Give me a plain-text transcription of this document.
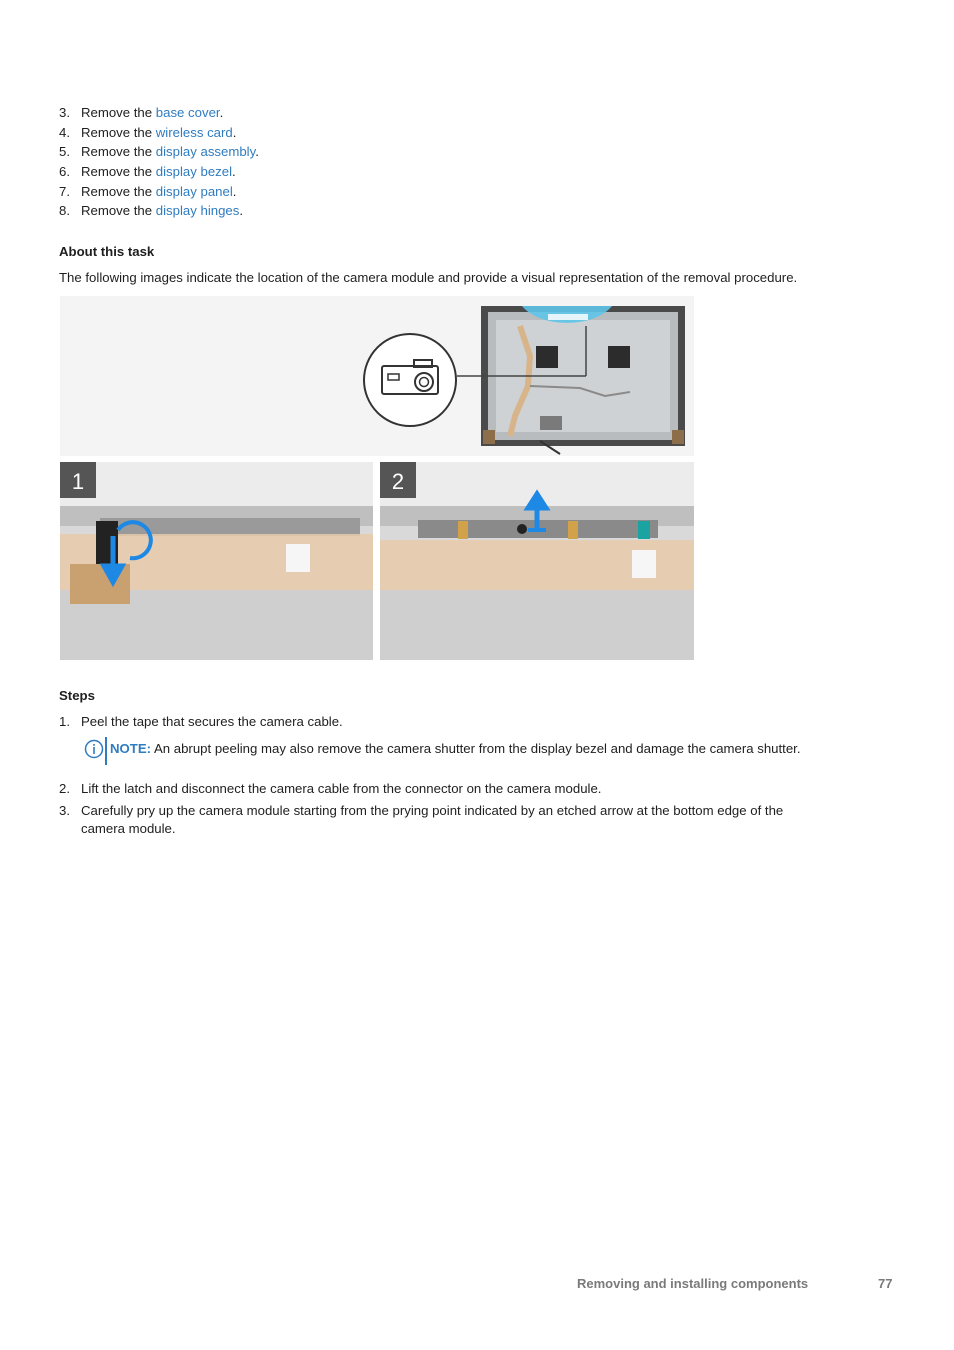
3. Remove the base cover.
4. Remove the wireless card.
5. Remove the display assembly.
6. Remove the display bezel.
7. Remove the display panel.
8. Remove the display hinges.
About this task
The following images indicate the location of the camera module and provide a visual representation of the removal procedure.
1	2
Steps
1. Peel the tape that secures the camera cable.
NOTE: An abrupt peeling may also remove the camera shutter from the display bezel and damage the camera shutter.
2. Lift the latch and disconnect the camera cable from the connector on the camera module.
3. Carefully pry up the camera module starting from the prying point indicated by an etched arrow at the bottom edge of the
camera module.
Removing and installing components	77
